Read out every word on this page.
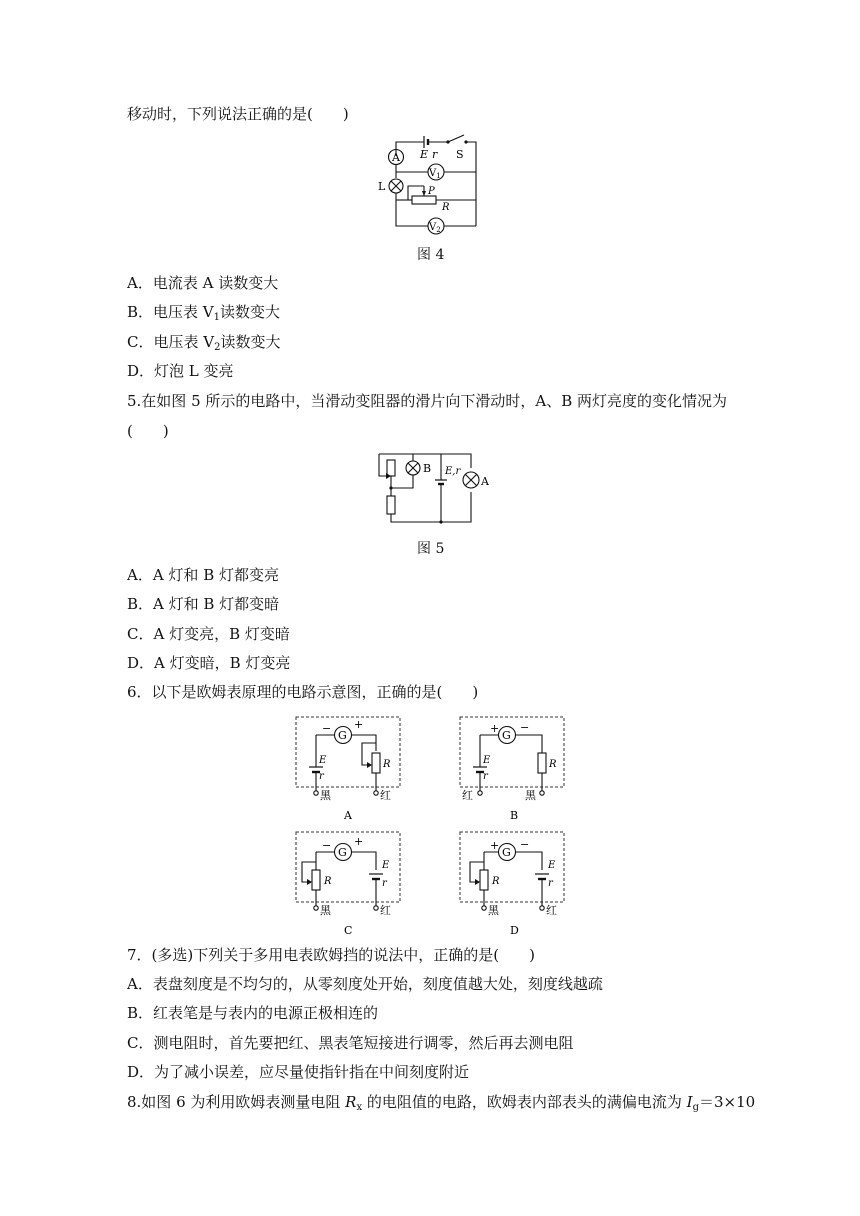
移动时，下列说法正确的是(　　)
E r S
A
$V_1$
L	P
R
$V_2$
图 4
A．电流表 A 读数变大
B．电压表 $V_1$读数变大
C．电压表 $V_2$读数变大
D．灯泡 L 变亮
5.在如图 5 所示的电路中，当滑动变阻器的滑片向下滑动时，A、B 两灯亮度的变化情况为
(　　)
B
A
E,r
图 5
A．A 灯和 B 灯都变亮
B．A 灯和 B 灯都变暗
C．A 灯变亮，B 灯变暗
D．A 灯变暗，B 灯变亮
6．以下是欧姆表原理的电路示意图，正确的是(　　)
G
− +
E
r
R
黑	红
A
G
+ −
E
r
R
红	黑
B
G
− +
R
E
r
黑	红
C
G
+ −
R
E
r
黑	红
D
7．(多选)下列关于多用电表欧姆挡的说法中，正确的是(　　)
A．表盘刻度是不均匀的，从零刻度处开始，刻度值越大处，刻度线越疏
B．红表笔是与表内的电源正极相连的
C．测电阻时，首先要把红、黑表笔短接进行调零，然后再去测电阻
D．为了减小误差，应尽量使指针指在中间刻度附近
8.如图 6 为利用欧姆表测量电阻 $R_x$ 的电阻值的电路，欧姆表内部表头的满偏电流为 $I_g=3\times 10$
